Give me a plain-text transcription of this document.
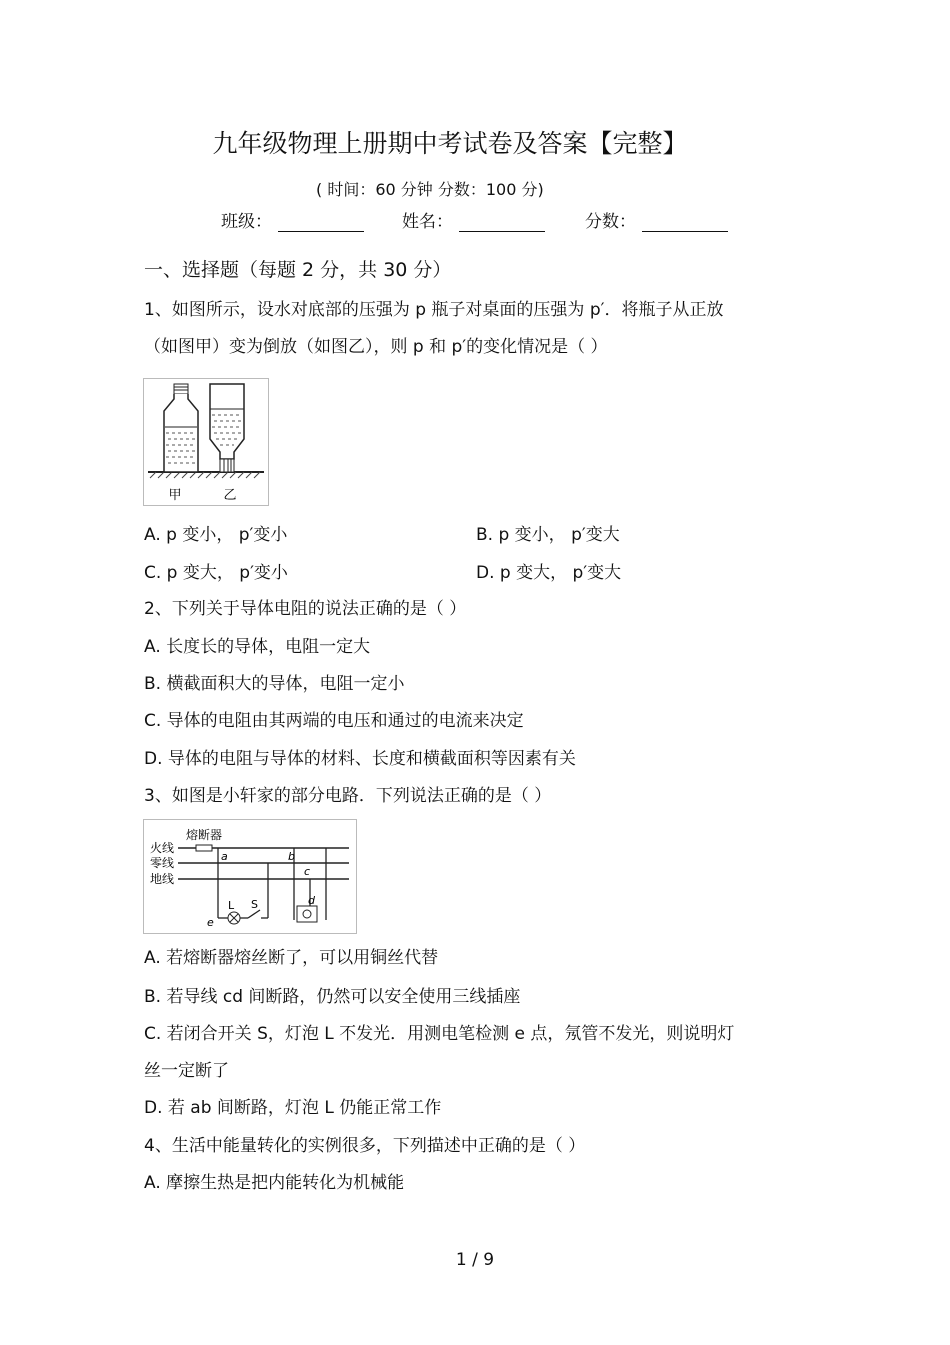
九年级物理上册期中考试卷及答案【完整】
( 时间：60 分钟 分数：100 分)
班级：	姓名：	分数：
一、选择题（每题 2 分，共 30 分）
1、如图所示，设水对底部的压强为 p 瓶子对桌面的压强为 p′．将瓶子从正放
（如图甲）变为倒放（如图乙），则 p 和 p′的变化情况是（ ）
甲	乙
A. p 变小， p′变小	B. p 变小， p′变大
C. p 变大， p′变小	D. p 变大， p′变大
2、下列关于导体电阻的说法正确的是（ ）
A. 长度长的导体，电阻一定大
B. 横截面积大的导体，电阻一定小
C. 导体的电阻由其两端的电压和通过的电流来决定
D. 导体的电阻与导体的材料、长度和横截面积等因素有关
3、如图是小轩家的部分电路．下列说法正确的是（ ）
熔断器
火线
零线
地线
a
L S
e
b
c
d
A. 若熔断器熔丝断了，可以用铜丝代替
B. 若导线 cd 间断路，仍然可以安全使用三线插座
C. 若闭合开关 S，灯泡 L 不发光．用测电笔检测 e 点，氖管不发光，则说明灯
丝一定断了
D. 若 ab 间断路，灯泡 L 仍能正常工作
4、生活中能量转化的实例很多，下列描述中正确的是（ ）
A. 摩擦生热是把内能转化为机械能
1 / 9
